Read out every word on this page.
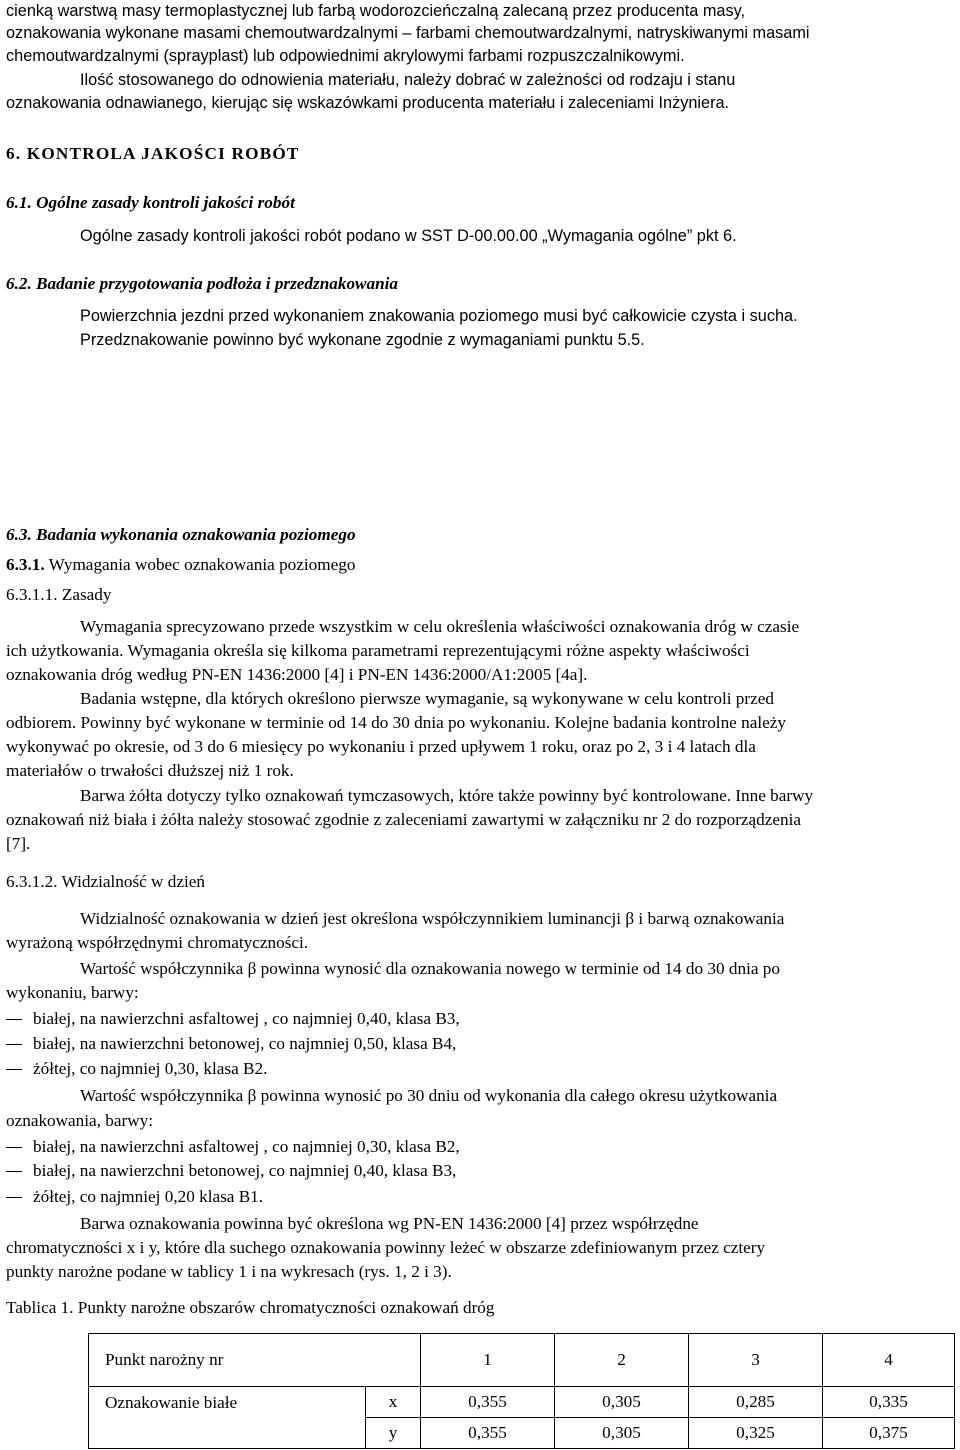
cienką warstwą masy termoplastycznej lub farbą wodorozcieńczalną zalecaną przez producenta masy,
oznakowania wykonane masami chemoutwardzalnymi – farbami chemoutwardzalnymi, natryskiwanymi masami
chemoutwardzalnymi (sprayplast) lub odpowiednimi akrylowymi farbami rozpuszczalnikowymi.
Ilość stosowanego do odnowienia materiału, należy dobrać w zależności od rodzaju i stanu
oznakowania odnawianego, kierując się wskazówkami producenta materiału i zaleceniami Inżyniera.
6. KONTROLA JAKOŚCI ROBÓT
6.1. Ogólne zasady kontroli jakości robót
Ogólne zasady kontroli jakości robót podano w SST D-00.00.00 „Wymagania ogólne” pkt 6.
6.2. Badanie przygotowania podłoża i przedznakowania
Powierzchnia jezdni przed wykonaniem znakowania poziomego musi być całkowicie czysta i sucha.
Przedznakowanie powinno być wykonane zgodnie z wymaganiami punktu 5.5.
6.3. Badania wykonania oznakowania poziomego
6.3.1. Wymagania wobec oznakowania poziomego
6.3.1.1. Zasady
Wymagania sprecyzowano przede wszystkim w celu określenia właściwości oznakowania dróg w czasie
ich użytkowania. Wymagania określa się kilkoma parametrami reprezentującymi różne aspekty właściwości
oznakowania dróg według PN-EN 1436:2000 [4] i PN-EN 1436:2000/A1:2005 [4a].
Badania wstępne, dla których określono pierwsze wymaganie, są wykonywane w celu kontroli przed
odbiorem. Powinny być wykonane w terminie od 14 do 30 dnia po wykonaniu. Kolejne badania kontrolne należy
wykonywać po okresie, od 3 do 6 miesięcy po wykonaniu i przed upływem 1 roku, oraz po 2, 3 i 4 latach dla
materiałów o trwałości dłuższej niż 1 rok.
Barwa żółta dotyczy tylko oznakowań tymczasowych, które także powinny być kontrolowane. Inne barwy
oznakowań niż biała i żółta należy stosować zgodnie z zaleceniami zawartymi w załączniku nr 2 do rozporządzenia
[7].
6.3.1.2. Widzialność w dzień
Widzialność oznakowania w dzień jest określona współczynnikiem luminancji β i barwą oznakowania
wyrażoną współrzędnymi chromatyczności.
Wartość współczynnika β powinna wynosić dla oznakowania nowego w terminie od 14 do 30 dnia po
wykonaniu, barwy:
białej, na nawierzchni asfaltowej , co najmniej 0,40, klasa B3,
białej, na nawierzchni betonowej, co najmniej 0,50, klasa B4,
żółtej, co najmniej 0,30, klasa B2.
Wartość współczynnika β powinna wynosić po 30 dniu od wykonania dla całego okresu użytkowania
oznakowania, barwy:
białej, na nawierzchni asfaltowej , co najmniej 0,30, klasa B2,
białej, na nawierzchni betonowej, co najmniej 0,40, klasa B3,
żółtej, co najmniej 0,20 klasa B1.
Barwa oznakowania powinna być określona wg PN-EN 1436:2000 [4] przez współrzędne
chromatyczności x i y, które dla suchego oznakowania powinny leżeć w obszarze zdefiniowanym przez cztery
punkty narożne podane w tablicy 1 i na wykresach (rys. 1, 2 i 3).
Tablica 1. Punkty narożne obszarów chromatyczności oznakowań dróg
Punkt narożny nr		1	2	3	4
Oznakowanie białe	x	0,355	0,305	0,285	0,335
	y	0,355	0,305	0,325	0,375
